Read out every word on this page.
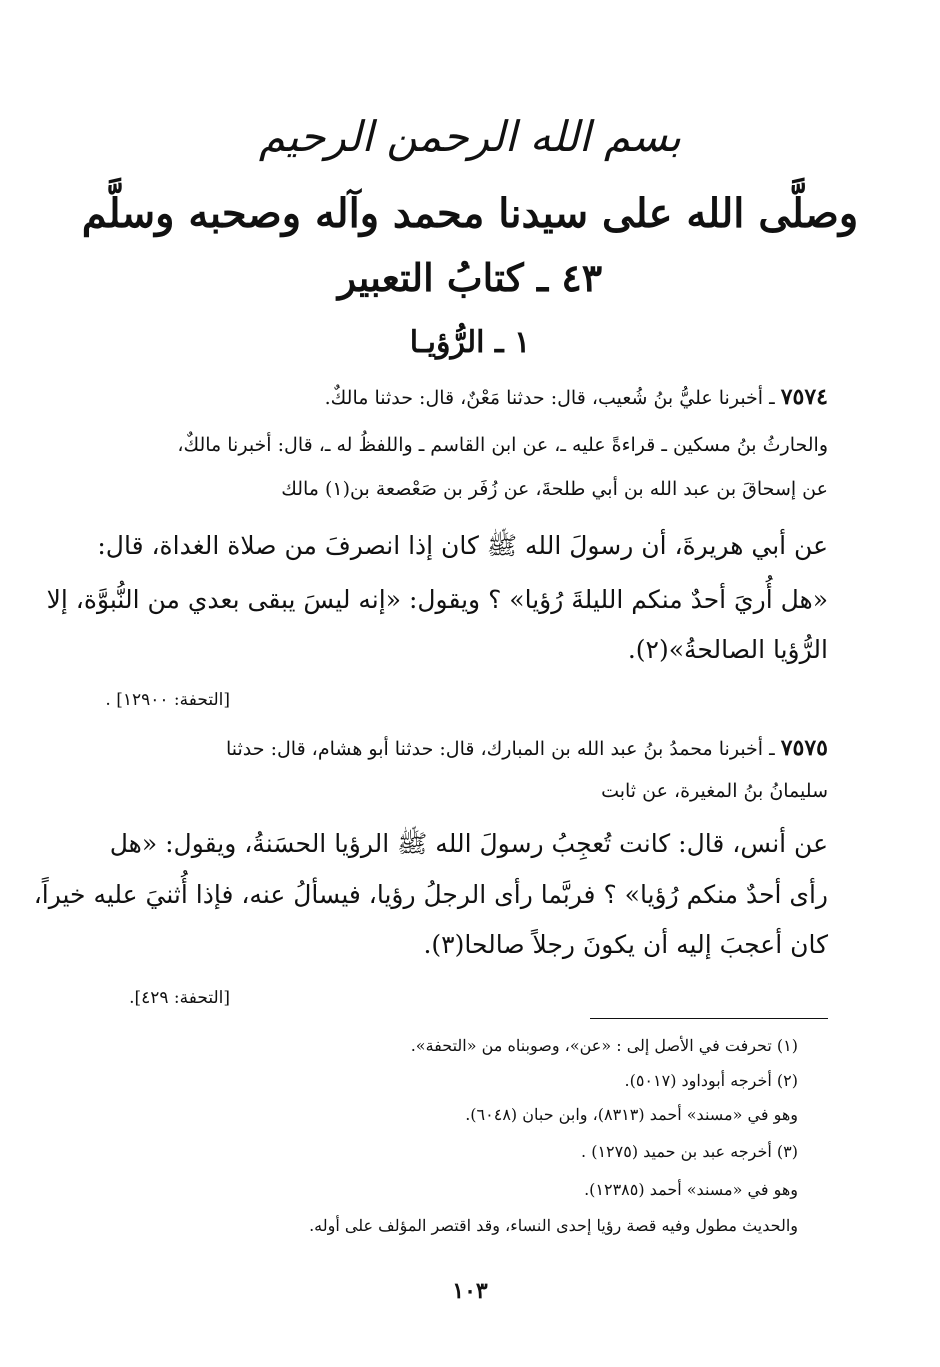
بسم الله الرحمن الرحيم
وصلَّى الله على سيدنا محمد وآله وصحبه وسلَّم
٤٣ ـ كتابُ التعبير
١ ـ الرُّؤيـا
٧٥٧٤ ـ أخبرنا عليُّ بنُ شُعيب، قال: حدثنا مَعْنٌ، قال: حدثنا مالكٌ.
والحارثُ بنُ مسكين ـ قراءةً عليه ـ، عن ابن القاسم ـ واللفظُ له ـ، قال: أخبرنا مالكٌ،
عن إسحاقَ بن عبد الله بن أبي طلحةَ، عن زُفَر بن صَعْصعة بن(١) مالك
عن أبي هريرةَ، أن رسولَ الله ﷺ كان إذا انصرفَ من صلاة الغداة، قال:
«هل أُريَ أحدٌ منكم الليلةَ رُؤيا» ؟ ويقول: «إنه ليسَ يبقى بعدي من النُّبوَّة، إلا
الرُّؤيا الصالحةُ»(٢).
[التحفة: ١٢٩٠٠] .
٧٥٧٥ ـ أخبرنا محمدُ بنُ عبد الله بن المبارك، قال: حدثنا أبو هشام، قال: حدثنا
سليمانُ بنُ المغيرة، عن ثابت
عن أنس، قال: كانت تُعجِبُ رسولَ الله ﷺ الرؤيا الحسَنةُ، ويقول: «هل
رأى أحدٌ منكم رُؤيا» ؟ فربَّما رأى الرجلُ رؤيا، فيسألُ عنه، فإذا أُثنيَ عليه خيراً،
كان أعجبَ إليه أن يكونَ رجلاً صالحا(٣).
[التحفة: ٤٢٩].
(١) تحرفت في الأصل إلى : «عن»، وصوبناه من «التحفة».
(٢) أخرجه أبوداود (٥٠١٧).
وهو في «مسند» أحمد (٨٣١٣)، وابن حبان (٦٠٤٨).
(٣) أخرجه عبد بن حميد (١٢٧٥) .
وهو في «مسند» أحمد (١٢٣٨٥).
والحديث مطول وفيه قصة رؤيا إحدى النساء، وقد اقتصر المؤلف على أوله.
١٠٣
